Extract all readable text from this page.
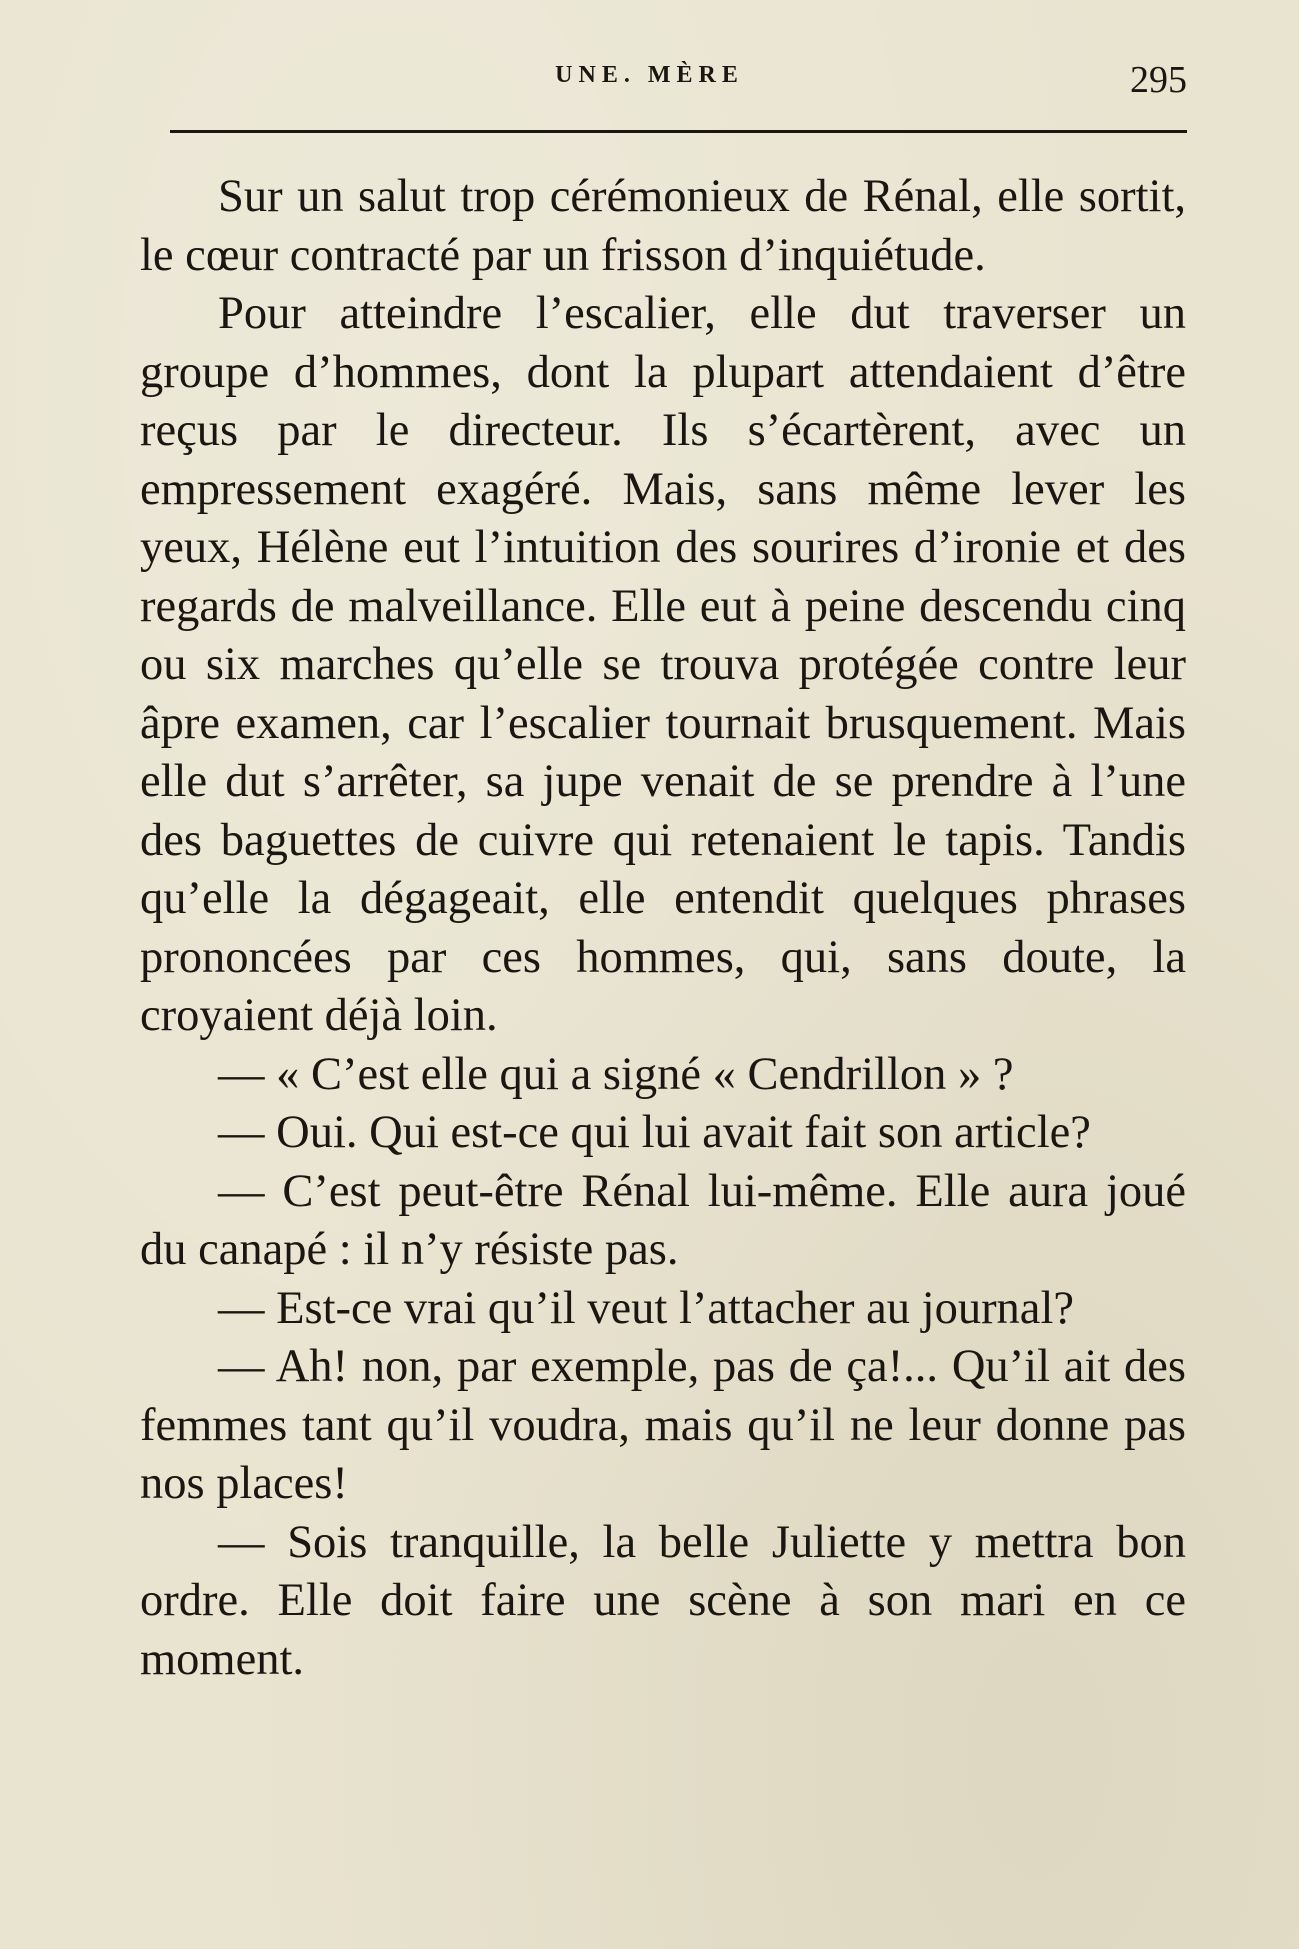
UNE. MÈRE	295

Sur un salut trop cérémonieux de Rénal, elle sortit, le cœur contracté par un frisson d’inquiétude.

Pour atteindre l’escalier, elle dut traverser un groupe d’hommes, dont la plupart attendaient d’être reçus par le directeur. Ils s’écartèrent, avec un empressement exagéré. Mais, sans même lever les yeux, Hélène eut l’intuition des sourires d’ironie et des regards de malveillance. Elle eut à peine descendu cinq ou six marches qu’elle se trouva protégée contre leur âpre examen, car l’escalier tournait brusquement. Mais elle dut s’arrêter, sa jupe venait de se prendre à l’une des baguettes de cuivre qui retenaient le tapis. Tandis qu’elle la dégageait, elle entendit quelques phrases prononcées par ces hommes, qui, sans doute, la croyaient déjà loin.

— « C’est elle qui a signé « Cendrillon » ?

— Oui. Qui est-ce qui lui avait fait son article?

— C’est peut-être Rénal lui-même. Elle aura joué du canapé : il n’y résiste pas.

— Est-ce vrai qu’il veut l’attacher au journal?

— Ah! non, par exemple, pas de ça!... Qu’il ait des femmes tant qu’il voudra, mais qu’il ne leur donne pas nos places!

— Sois tranquille, la belle Juliette y mettra bon ordre. Elle doit faire une scène à son mari en ce moment.
